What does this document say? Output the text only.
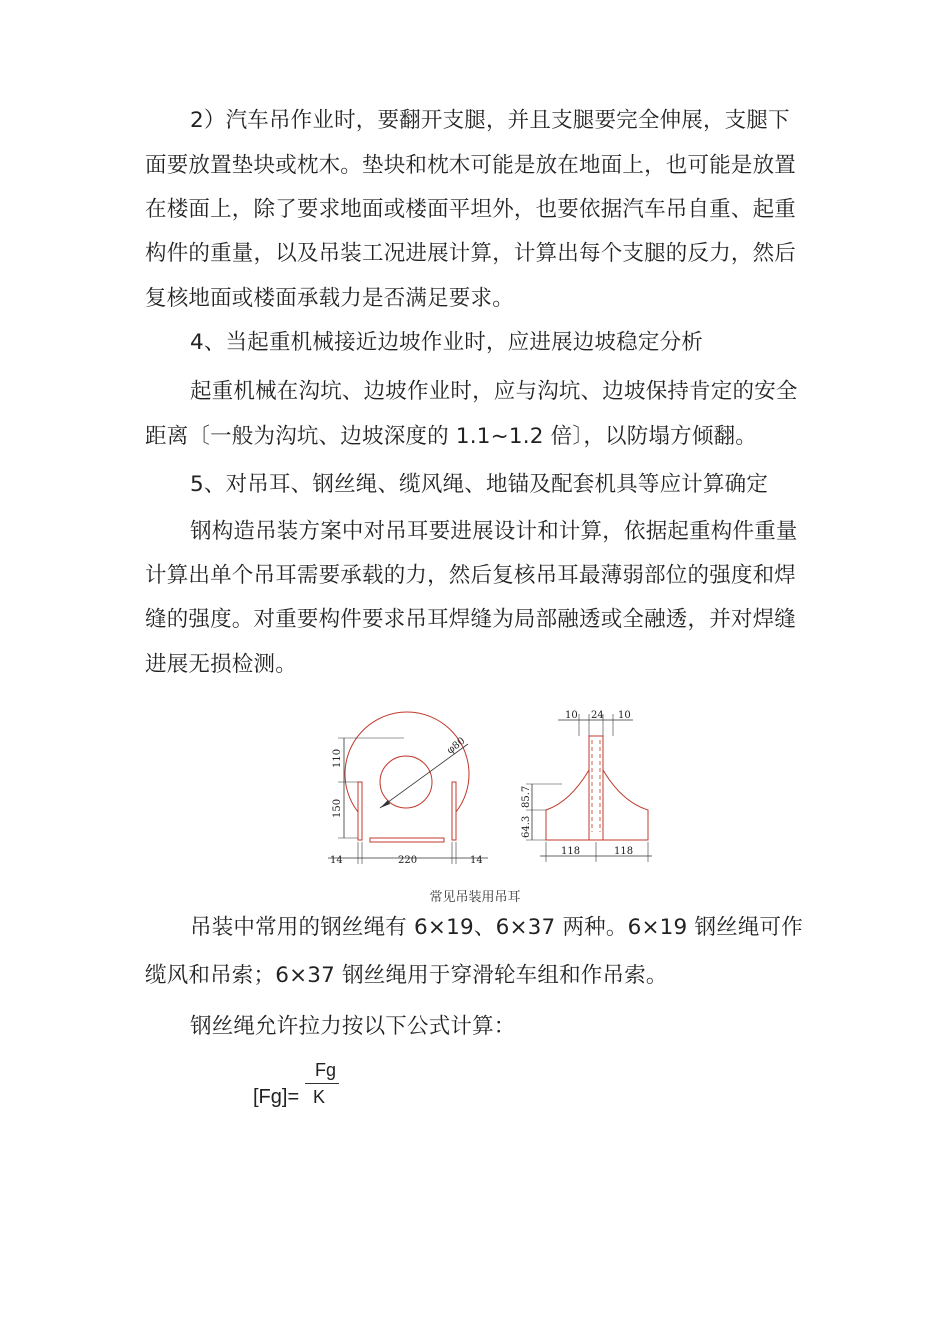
2）汽车吊作业时，要翻开支腿，并且支腿要完全伸展，支腿下
面要放置垫块或枕木。垫块和枕木可能是放在地面上，也可能是放置
在楼面上，除了要求地面或楼面平坦外，也要依据汽车吊自重、起重
构件的重量，以及吊装工况进展计算，计算出每个支腿的反力，然后
复核地面或楼面承载力是否满足要求。
4、当起重机械接近边坡作业时，应进展边坡稳定分析
起重机械在沟坑、边坡作业时，应与沟坑、边坡保持肯定的安全
距离〔一般为沟坑、边坡深度的 1.1~1.2 倍〕，以防塌方倾翻。
5、对吊耳、钢丝绳、缆风绳、地锚及配套机具等应计算确定
钢构造吊装方案中对吊耳要进展设计和计算，依据起重构件重量
计算出单个吊耳需要承载的力，然后复核吊耳最薄弱部位的强度和焊
缝的强度。对重要构件要求吊耳焊缝为局部融透或全融透，并对焊缝
进展无损检测。
110
150
φ80
14	220	14
10 24 10
85.7
64.3
118	118
常见吊装用吊耳
吊装中常用的钢丝绳有 6×19、6×37 两种。6×19 钢丝绳可作
缆风和吊索；6×37 钢丝绳用于穿滑轮车组和作吊索。
钢丝绳允许拉力按以下公式计算：
Fg
[Fg]= K
